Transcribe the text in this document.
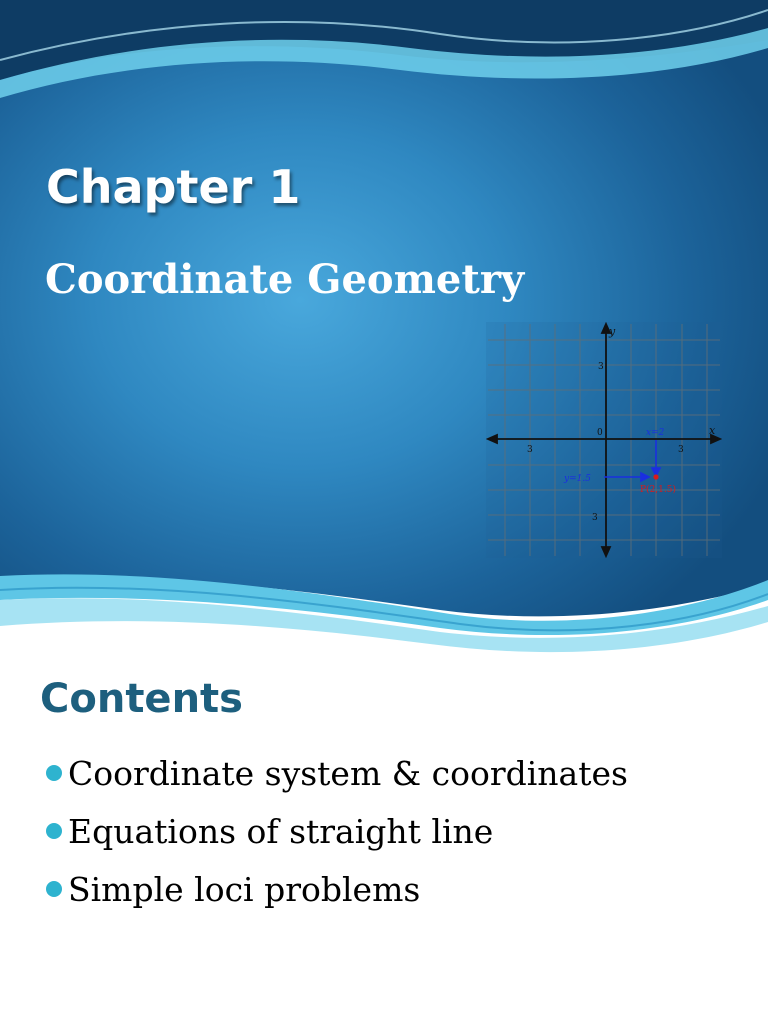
Chapter 1
Coordinate Geometry
x
y
0
3	3
3
3
x=2
y=1.5
P(2,1.5)
Contents
Coordinate system & coordinates
Equations of straight line
Simple loci problems
